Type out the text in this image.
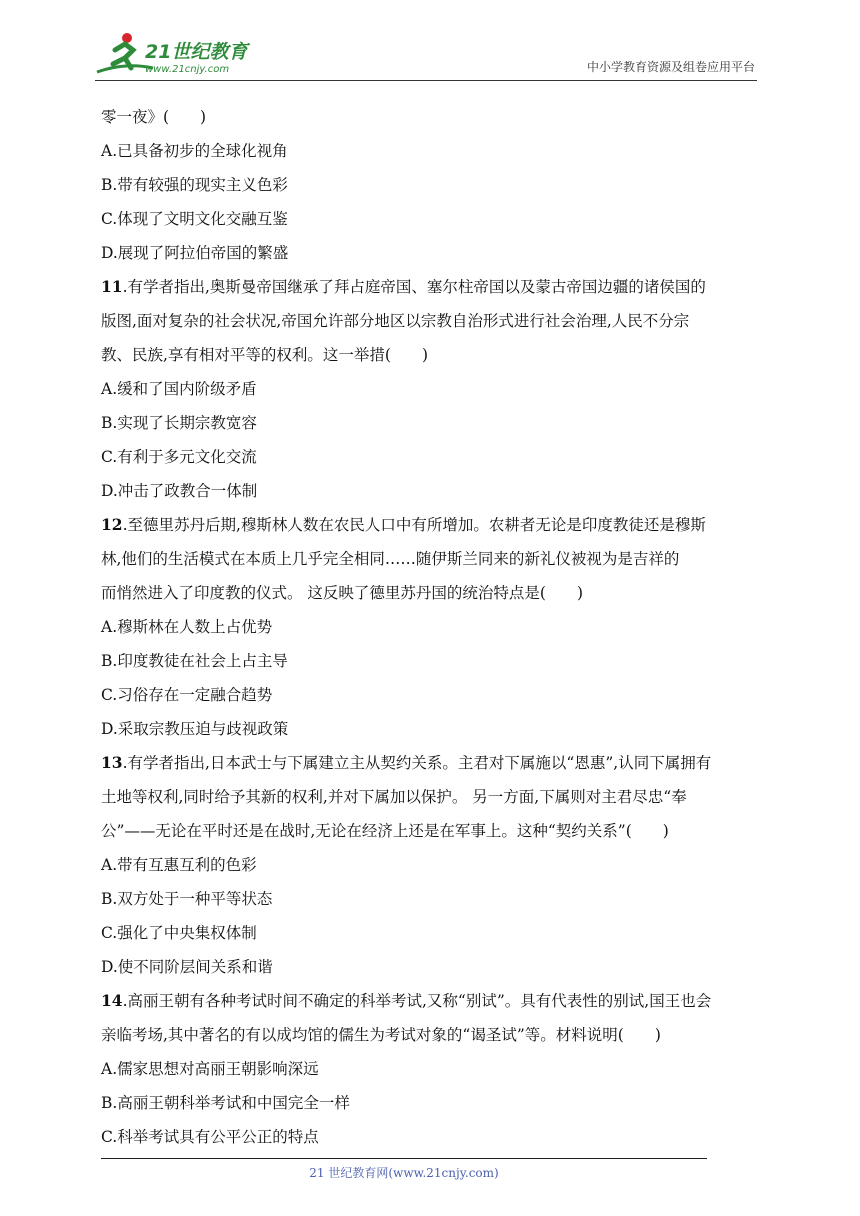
21世纪教育
www.21cnjy.com	中小学教育资源及组卷应用平台
零一夜》(　　)
A.已具备初步的全球化视角
B.带有较强的现实主义色彩
C.体现了文明文化交融互鉴
D.展现了阿拉伯帝国的繁盛
11.有学者指出,奥斯曼帝国继承了拜占庭帝国、塞尔柱帝国以及蒙古帝国边疆的诸侯国的
版图,面对复杂的社会状况,帝国允许部分地区以宗教自治形式进行社会治理,人民不分宗
教、民族,享有相对平等的权利。这一举措(　　)
A.缓和了国内阶级矛盾
B.实现了长期宗教宽容
C.有利于多元文化交流
D.冲击了政教合一体制
12.至德里苏丹后期,穆斯林人数在农民人口中有所增加。农耕者无论是印度教徒还是穆斯
林,他们的生活模式在本质上几乎完全相同……随伊斯兰同来的新礼仪被视为是吉祥的
而悄然进入了印度教的仪式。 这反映了德里苏丹国的统治特点是(　　)
A.穆斯林在人数上占优势
B.印度教徒在社会上占主导
C.习俗存在一定融合趋势
D.采取宗教压迫与歧视政策
13.有学者指出,日本武士与下属建立主从契约关系。主君对下属施以“恩惠”,认同下属拥有
土地等权利,同时给予其新的权利,并对下属加以保护。 另一方面,下属则对主君尽忠“奉
公”——无论在平时还是在战时,无论在经济上还是在军事上。这种“契约关系”(　　)
A.带有互惠互利的色彩
B.双方处于一种平等状态
C.强化了中央集权体制
D.使不同阶层间关系和谐
14.高丽王朝有各种考试时间不确定的科举考试,又称“别试”。具有代表性的别试,国王也会
亲临考场,其中著名的有以成均馆的儒生为考试对象的“谒圣试”等。材料说明(　　)
A.儒家思想对高丽王朝影响深远
B.高丽王朝科举考试和中国完全一样
C.科举考试具有公平公正的特点
21 世纪教育网(www.21cnjy.com)
